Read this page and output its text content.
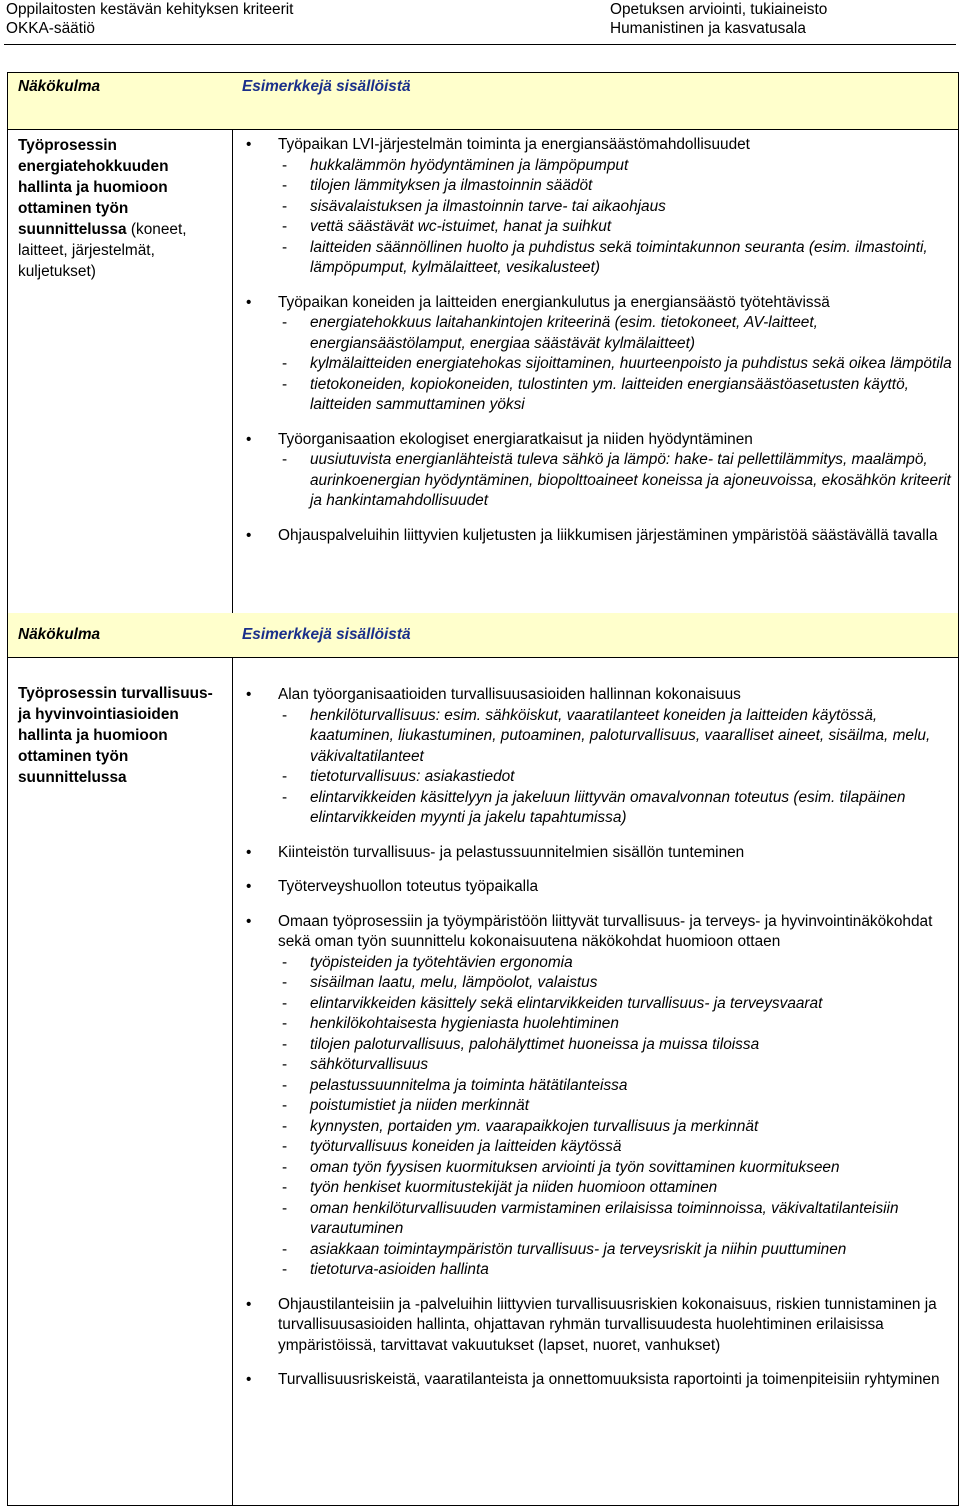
Oppilaitosten kestävän kehityksen kriteerit
OKKA-säätiö
Opetuksen arviointi, tukiaineisto
Humanistinen ja kasvatusala
Näkökulma	Esimerkkejä sisällöistä
Työprosessin energiatehokkuuden hallinta ja huomioon ottaminen työn suunnittelussa (koneet, laitteet, järjestelmät, kuljetukset)
• Työpaikan LVI-järjestelmän toiminta ja energiansäästömahdollisuudet
- hukkalämmön hyödyntäminen ja lämpöpumput
- tilojen lämmityksen ja ilmastoinnin säädöt
- sisävalaistuksen ja ilmastoinnin tarve- tai aikaohjaus
- vettä säästävät wc-istuimet, hanat ja suihkut
- laitteiden säännöllinen huolto ja puhdistus sekä toimintakunnon seuranta (esim. ilmastointi, lämpöpumput, kylmälaitteet, vesikalusteet)
• Työpaikan koneiden ja laitteiden energiankulutus ja energiansäästö työtehtävissä
- energiatehokkuus laitahankintojen kriteerinä (esim. tietokoneet, AV-laitteet, energiansäästölamput, energiaa säästävät kylmälaitteet)
- kylmälaitteiden energiatehokas sijoittaminen, huurteenpoisto ja puhdistus sekä oikea lämpötila
- tietokoneiden, kopiokoneiden, tulostinten ym. laitteiden energiansäästöasetusten käyttö, laitteiden sammuttaminen yöksi
• Työorganisaation ekologiset energiaratkaisut ja niiden hyödyntäminen
- uusiutuvista energianlähteistä tuleva sähkö ja lämpö: hake- tai pellettilämmitys, maalämpö, aurinkoenergian hyödyntäminen, biopolttoaineet koneissa ja ajoneuvoissa, ekosähkön kriteerit ja hankintamahdollisuudet
• Ohjauspalveluihin liittyvien kuljetusten ja liikkumisen järjestäminen ympäristöä säästävällä tavalla
Näkökulma	Esimerkkejä sisällöistä
Työprosessin turvallisuus- ja hyvinvointiasioiden hallinta ja huomioon ottaminen työn suunnittelussa
• Alan työorganisaatioiden turvallisuusasioiden hallinnan kokonaisuus
- henkilöturvallisuus: esim. sähköiskut, vaaratilanteet koneiden ja laitteiden käytössä, kaatuminen, liukastuminen, putoaminen, paloturvallisuus, vaaralliset aineet, sisäilma, melu, väkivaltatilanteet
- tietoturvallisuus: asiakastiedot
- elintarvikkeiden käsittelyyn ja jakeluun liittyvän omavalvonnan toteutus (esim. tilapäinen elintarvikkeiden myynti ja jakelu tapahtumissa)
• Kiinteistön turvallisuus- ja pelastussuunnitelmien sisällön tunteminen
• Työterveyshuollon toteutus työpaikalla
• Omaan työprosessiin ja työympäristöön liittyvät turvallisuus- ja terveys- ja hyvinvointinäkökohdat sekä oman työn suunnittelu kokonaisuutena näkökohdat huomioon ottaen
- työpisteiden ja työtehtävien ergonomia
- sisäilman laatu, melu, lämpöolot, valaistus
- elintarvikkeiden käsittely sekä elintarvikkeiden turvallisuus- ja terveysvaarat
- henkilökohtaisesta hygieniasta huolehtiminen
- tilojen paloturvallisuus, palohälyttimet huoneissa ja muissa tiloissa
- sähköturvallisuus
- pelastussuunnitelma ja toiminta hätätilanteissa
- poistumistiet ja niiden merkinnät
- kynnysten, portaiden ym. vaarapaikkojen turvallisuus ja merkinnät
- työturvallisuus koneiden ja laitteiden käytössä
- oman työn fyysisen kuormituksen arviointi ja työn sovittaminen kuormitukseen
- työn henkiset kuormitustekijät ja niiden huomioon ottaminen
- oman henkilöturvallisuuden varmistaminen erilaisissa toiminnoissa, väkivaltatilanteisiin varautuminen
- asiakkaan toimintaympäristön turvallisuus- ja terveysriskit ja niihin puuttuminen
- tietoturva-asioiden hallinta
• Ohjaustilanteisiin ja -palveluihin liittyvien turvallisuusriskien kokonaisuus, riskien tunnistaminen ja turvallisuusasioiden hallinta, ohjattavan ryhmän turvallisuudesta huolehtiminen erilaisissa ympäristöissä, tarvittavat vakuutukset (lapset, nuoret, vanhukset)
• Turvallisuusriskeistä, vaaratilanteista ja onnettomuuksista raportointi ja toimenpiteisiin ryhtyminen
